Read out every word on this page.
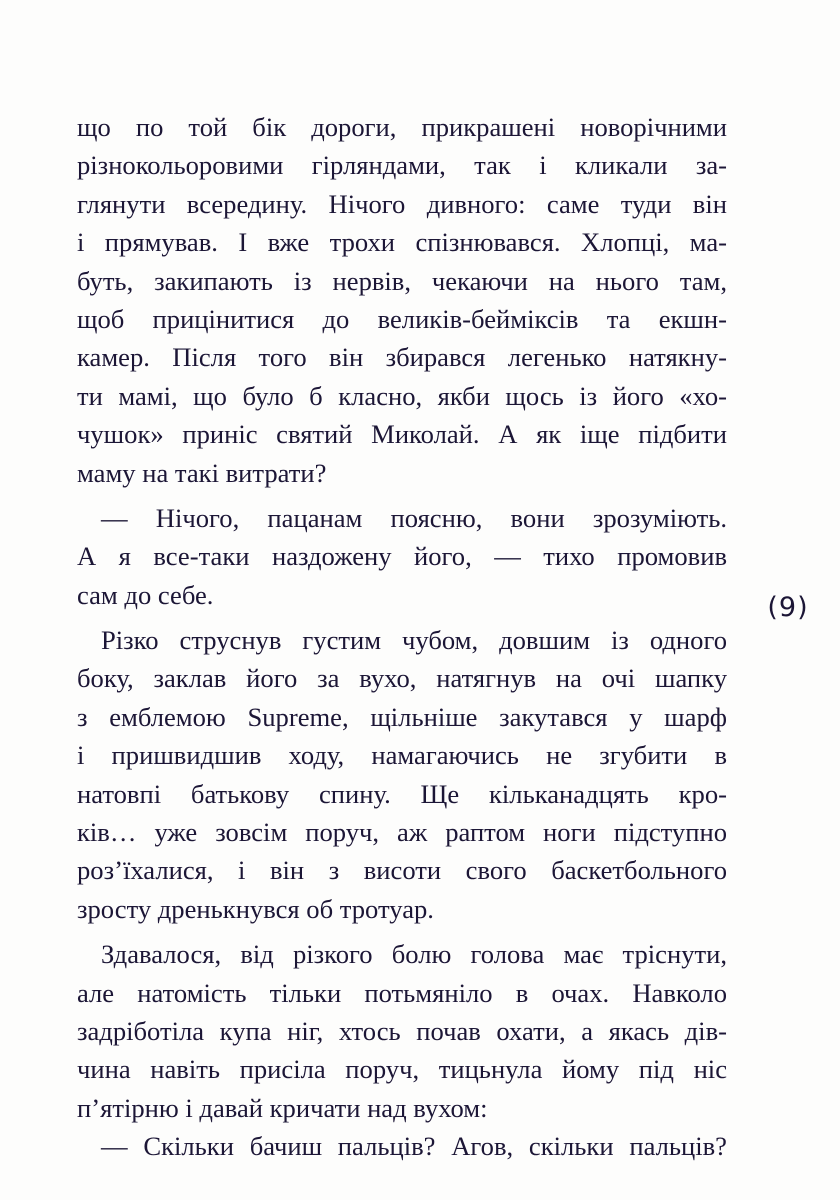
що по той бік дороги, прикрашені новорічними
різнокольоровими гірляндами, так і кликали за-
глянути всередину. Нічого дивного: саме туди він
і прямував. І вже трохи спізнювався. Хлопці, ма-
буть, закипають із нервів, чекаючи на нього там,
щоб прицінитися до великів-бейміксів та екшн-
камер. Після того він збирався легенько натякну-
ти мамі, що було б класно, якби щось із його «хо-
чушок» приніс святий Миколай. А як іще підбити
маму на такі витрати?
— Нічого, пацанам поясню, вони зрозуміють.
А я все-таки наздожену його, — тихо промовив
сам до себе.
Різко струснув густим чубом, довшим із одного
боку, заклав його за вухо, натягнув на очі шапку
з емблемою Supreme, щільніше закутався у шарф
і пришвидшив ходу, намагаючись не згубити в
натовпі батькову спину. Ще кільканадцять кро-
ків… уже зовсім поруч, аж раптом ноги підступно
роз’їхалися, і він з висоти свого баскетбольного
зросту дренькнувся об тротуар.
Здавалося, від різкого болю голова має тріснути,
але натомість тільки потьмяніло в очах. Навколо
задріботіла купа ніг, хтось почав охати, а якась дів-
чина навіть присіла поруч, тицьнула йому під ніс
п’ятірню і давай кричати над вухом:
— Скільки бачиш пальців? Агов, скільки пальців?
(9)
